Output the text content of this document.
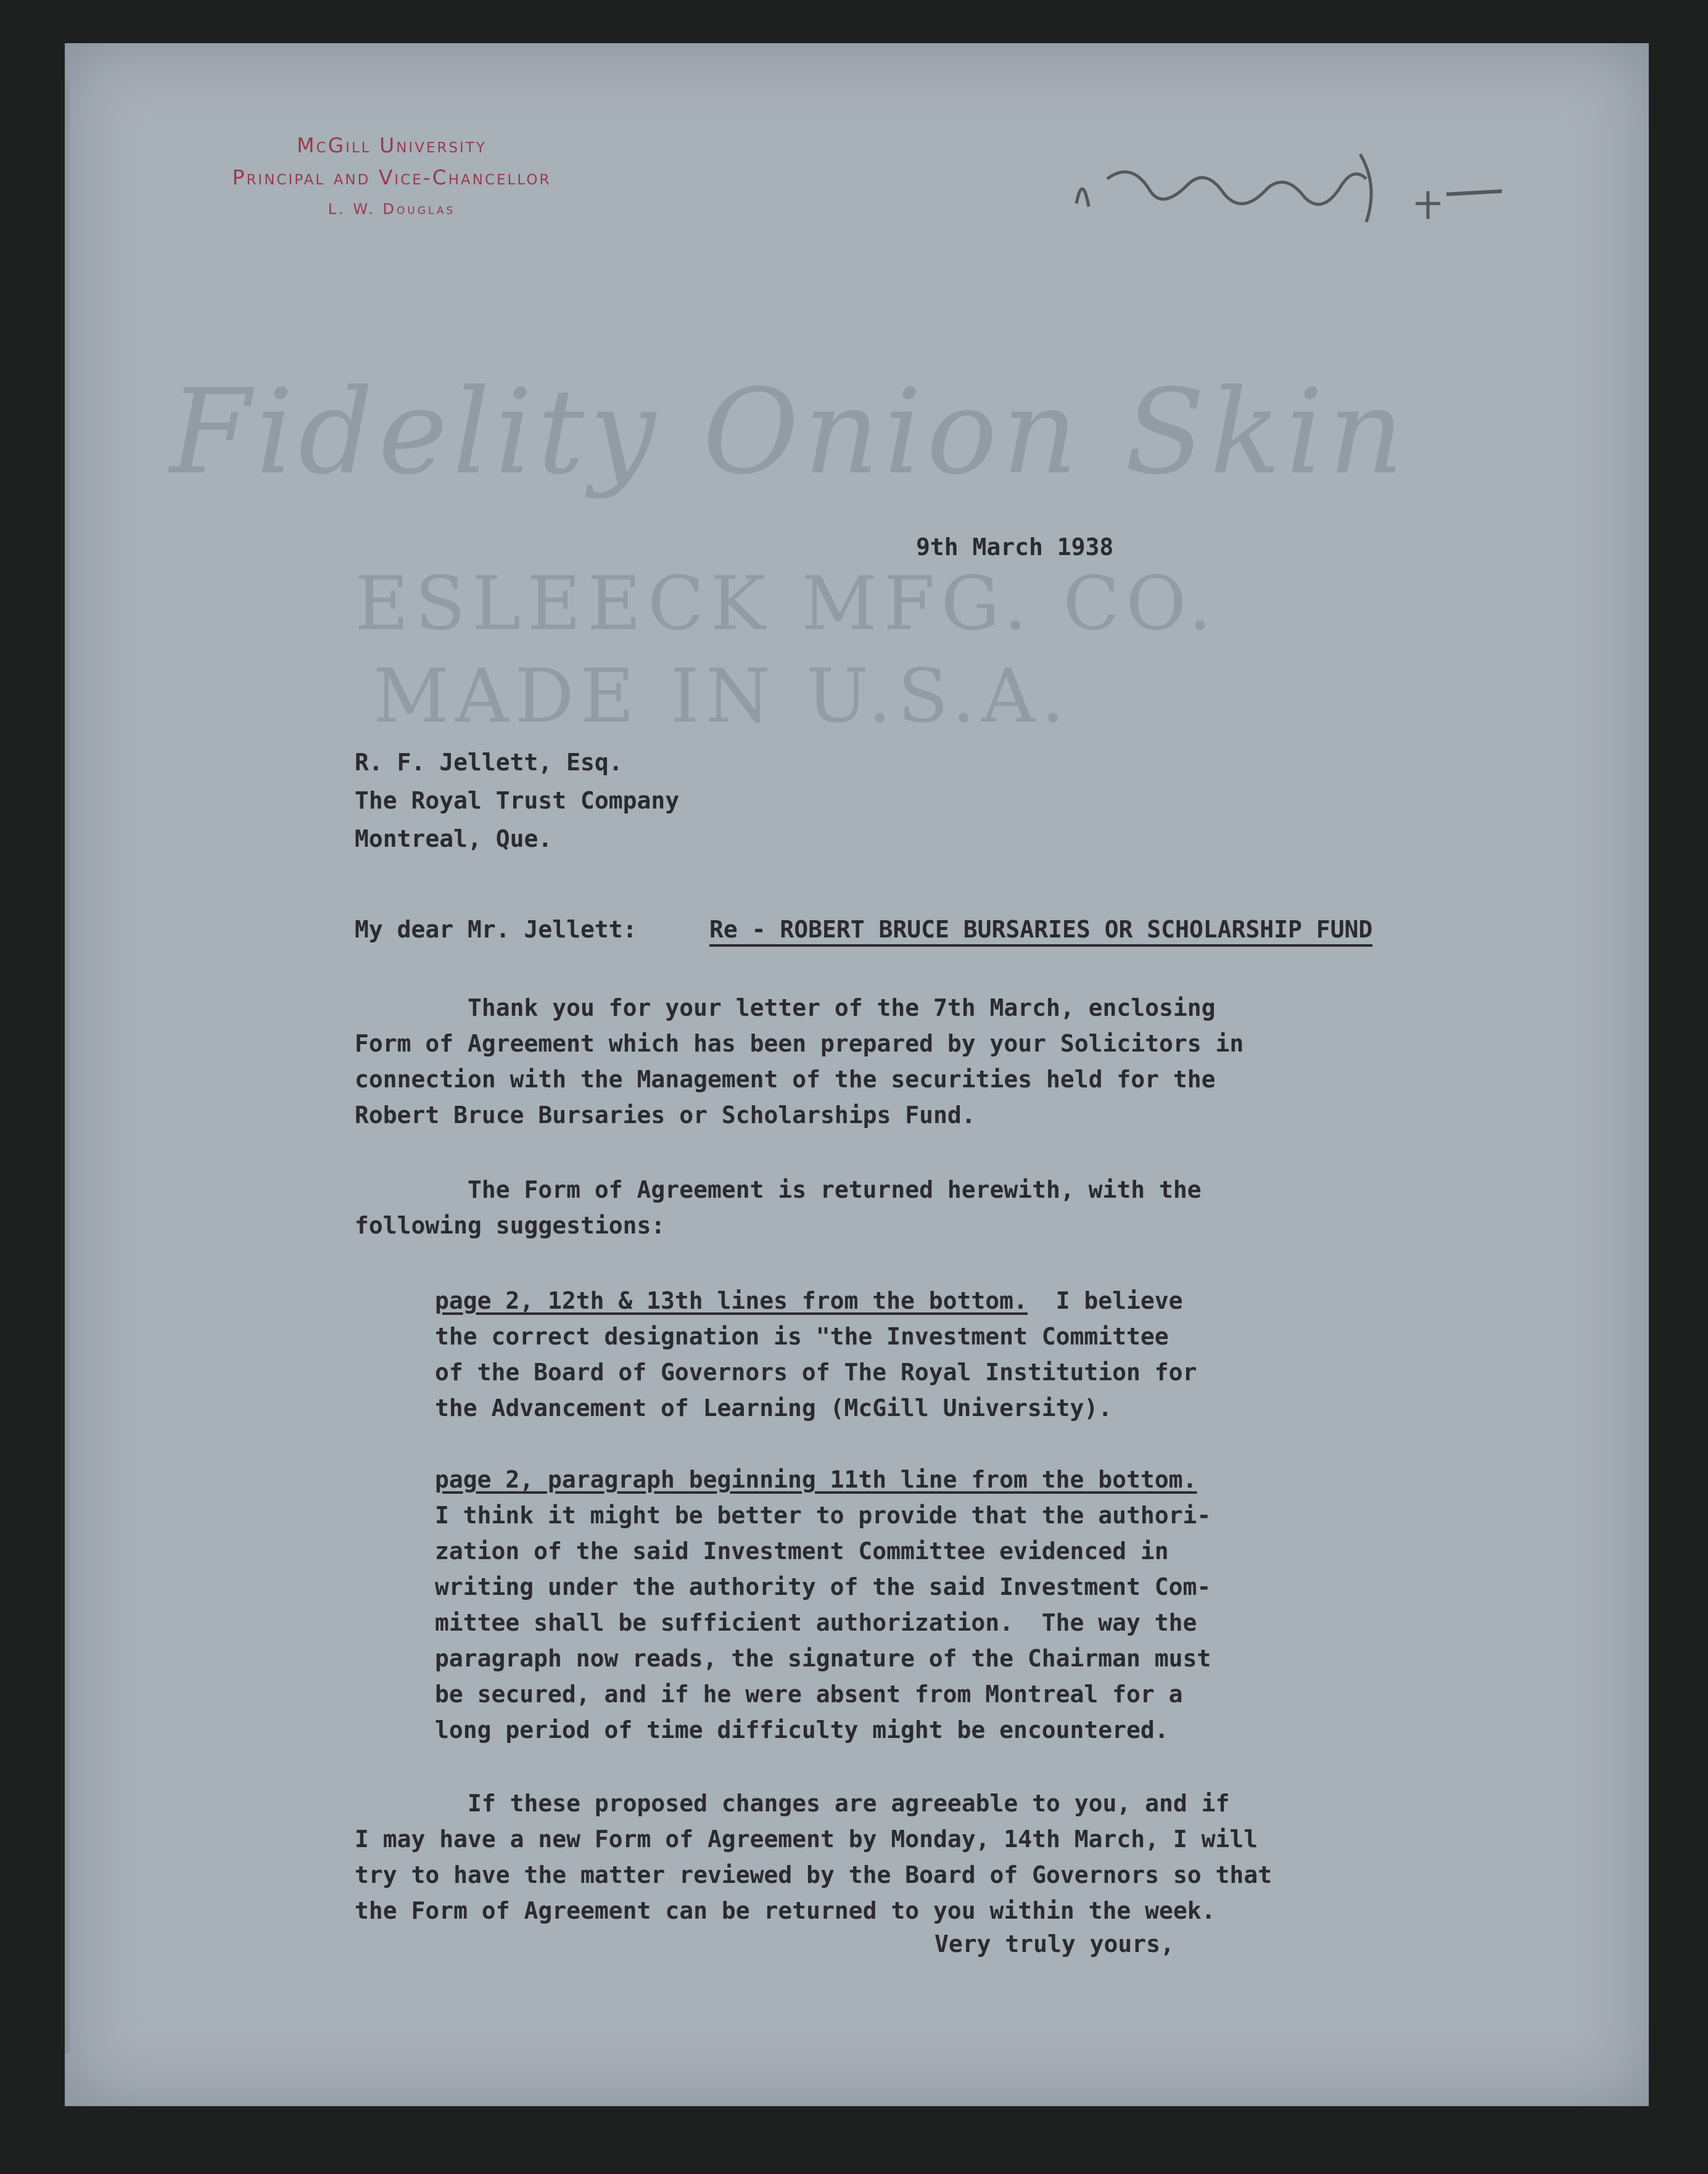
McGill University
Principal and Vice-Chancellor
L. W. Douglas
Fidelity Onion Skin
ESLEECK MFG. CO.
MADE IN U.S.A.
9th March 1938
R. F. Jellett, Esq.
The Royal Trust Company
Montreal, Que.
My dear Mr. Jellett:	Re - ROBERT BRUCE BURSARIES OR SCHOLARSHIP FUND
Thank you for your letter of the 7th March, enclosing
Form of Agreement which has been prepared by your Solicitors in
connection with the Management of the securities held for the
Robert Bruce Bursaries or Scholarships Fund.
The Form of Agreement is returned herewith, with the
following suggestions:
page 2, 12th & 13th lines from the bottom.  I believe
the correct designation is "the Investment Committee
of the Board of Governors of The Royal Institution for
the Advancement of Learning (McGill University).
page 2, paragraph beginning 11th line from the bottom.
I think it might be better to provide that the authori-
zation of the said Investment Committee evidenced in
writing under the authority of the said Investment Com-
mittee shall be sufficient authorization.  The way the
paragraph now reads, the signature of the Chairman must
be secured, and if he were absent from Montreal for a
long period of time difficulty might be encountered.
If these proposed changes are agreeable to you, and if
I may have a new Form of Agreement by Monday, 14th March, I will
try to have the matter reviewed by the Board of Governors so that
the Form of Agreement can be returned to you within the week.
Very truly yours,
